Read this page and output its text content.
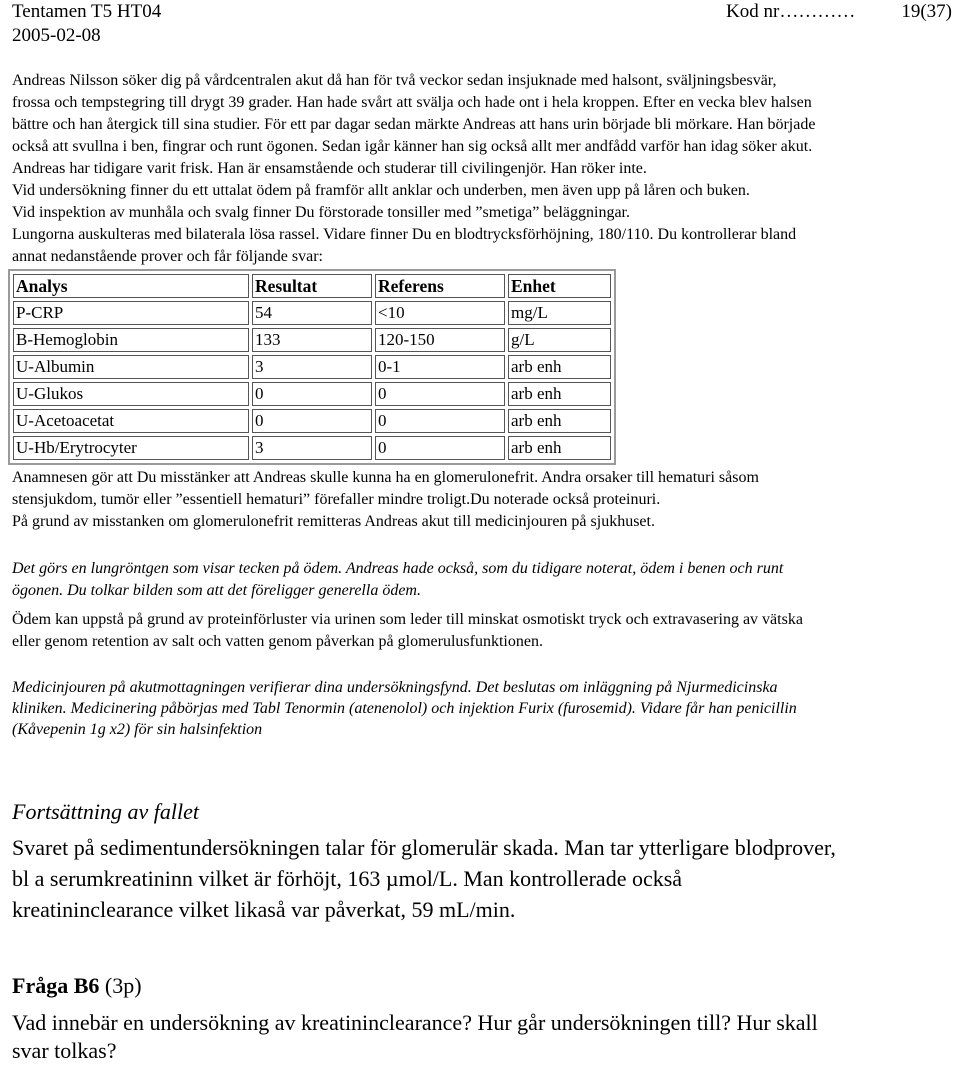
Tentamen T5 HT04	Kod nr………… 19(37)
2005-02-08

Andreas Nilsson söker dig på vårdcentralen akut då han för två veckor sedan insjuknade med halsont, sväljningsbesvär,

frossa och tempstegring till drygt 39 grader. Han hade svårt att svälja och hade ont i hela kroppen. Efter en vecka blev halsen

bättre och han återgick till sina studier. För ett par dagar sedan märkte Andreas att hans urin började bli mörkare. Han började

också att svullna i ben, fingrar och runt ögonen. Sedan igår känner han sig också allt mer andfådd varför han idag söker akut.

Andreas har tidigare varit frisk. Han är ensamstående och studerar till civilingenjör. Han röker inte.

Vid undersökning finner du ett uttalat ödem på framför allt anklar och underben, men även upp på låren och buken.

Vid inspektion av munhåla och svalg finner Du förstorade tonsiller med ”smetiga” beläggningar.

Lungorna auskulteras med bilaterala lösa rassel. Vidare finner Du en blodtrycksförhöjning, 180/110. Du kontrollerar bland

annat nedanstående prover och får följande svar:

Analys	Resultat	Referens	Enhet
P-CRP	54	<10	mg/L
B-Hemoglobin	133	120-150	g/L
U-Albumin	3	0-1	arb enh
U-Glukos	0	0	arb enh
U-Acetoacetat	0	0	arb enh
U-Hb/Erytrocyter	3	0	arb enh

Anamnesen gör att Du misstänker att Andreas skulle kunna ha en glomerulonefrit. Andra orsaker till hematuri såsom

stensjukdom, tumör eller ”essentiell hematuri” förefaller mindre troligt.Du noterade också proteinuri.

På grund av misstanken om glomerulonefrit remitteras Andreas akut till medicinjouren på sjukhuset.

Det görs en lungröntgen som visar tecken på ödem. Andreas hade också, som du tidigare noterat, ödem i benen och runt
ögonen. Du tolkar bilden som att det föreligger generella ödem.
Ödem kan uppstå på grund av proteinförluster via urinen som leder till minskat osmotiskt tryck och extravasering av vätska
eller genom retention av salt och vatten genom påverkan på glomerulusfunktionen.
Medicinjouren på akutmottagningen verifierar dina undersökningsfynd. Det beslutas om inläggning på Njurmedicinska
kliniken. Medicinering påbörjas med Tabl Tenormin (atenenolol) och injektion Furix (furosemid). Vidare får han penicillin
(Kåvepenin 1g x2) för sin halsinfektion
Fortsättning av fallet
Svaret på sedimentundersökningen talar för glomerulär skada. Man tar ytterligare blodprover,
bl a serumkreatininn vilket är förhöjt, 163 µmol/L. Man kontrollerade också
kreatininclearance vilket likaså var påverkat, 59 mL/min.
Fråga B6 (3p)
Vad innebär en undersökning av kreatininclearance? Hur går undersökningen till? Hur skall
svar tolkas?
